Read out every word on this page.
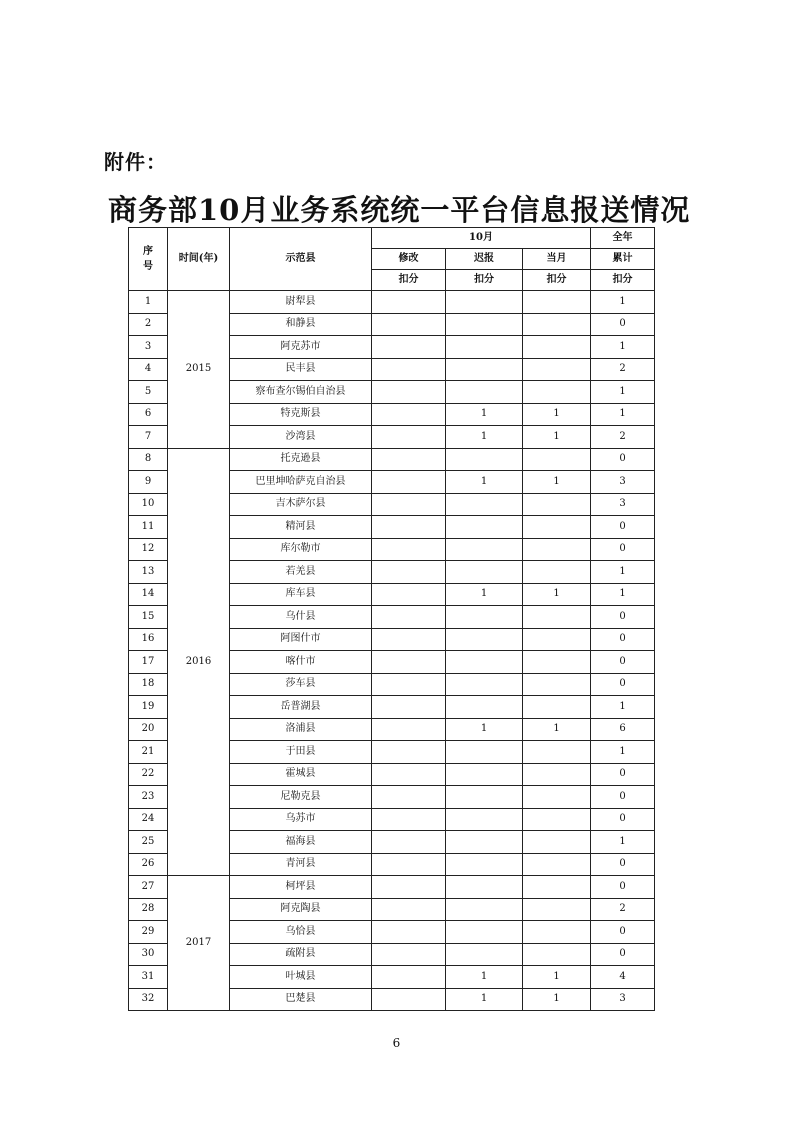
附件：
商务部10月业务系统统一平台信息报送情况
序
号	时间(年)	示范县	10月			全年
			修改	迟报	当月	累计
			扣分	扣分	扣分	扣分
1	2015	尉犁县				1
2		和静县				0
3		阿克苏市				1
4		民丰县				2
5		察布查尔锡伯自治县				1
6		特克斯县		1	1	1
7		沙湾县		1	1	2
8	2016	托克逊县				0
9		巴里坤哈萨克自治县		1	1	3
10		吉木萨尔县				3
11		精河县				0
12		库尔勒市				0
13		若羌县				1
14		库车县		1	1	1
15		乌什县				0
16		阿图什市				0
17		喀什市				0
18		莎车县				0
19		岳普湖县				1
20		洛浦县		1	1	6
21		于田县				1
22		霍城县				0
23		尼勒克县				0
24		乌苏市				0
25		福海县				1
26		青河县				0
27	2017	柯坪县				0
28		阿克陶县				2
29		乌恰县				0
30		疏附县				0
31		叶城县		1	1	4
32		巴楚县		1	1	3
6
